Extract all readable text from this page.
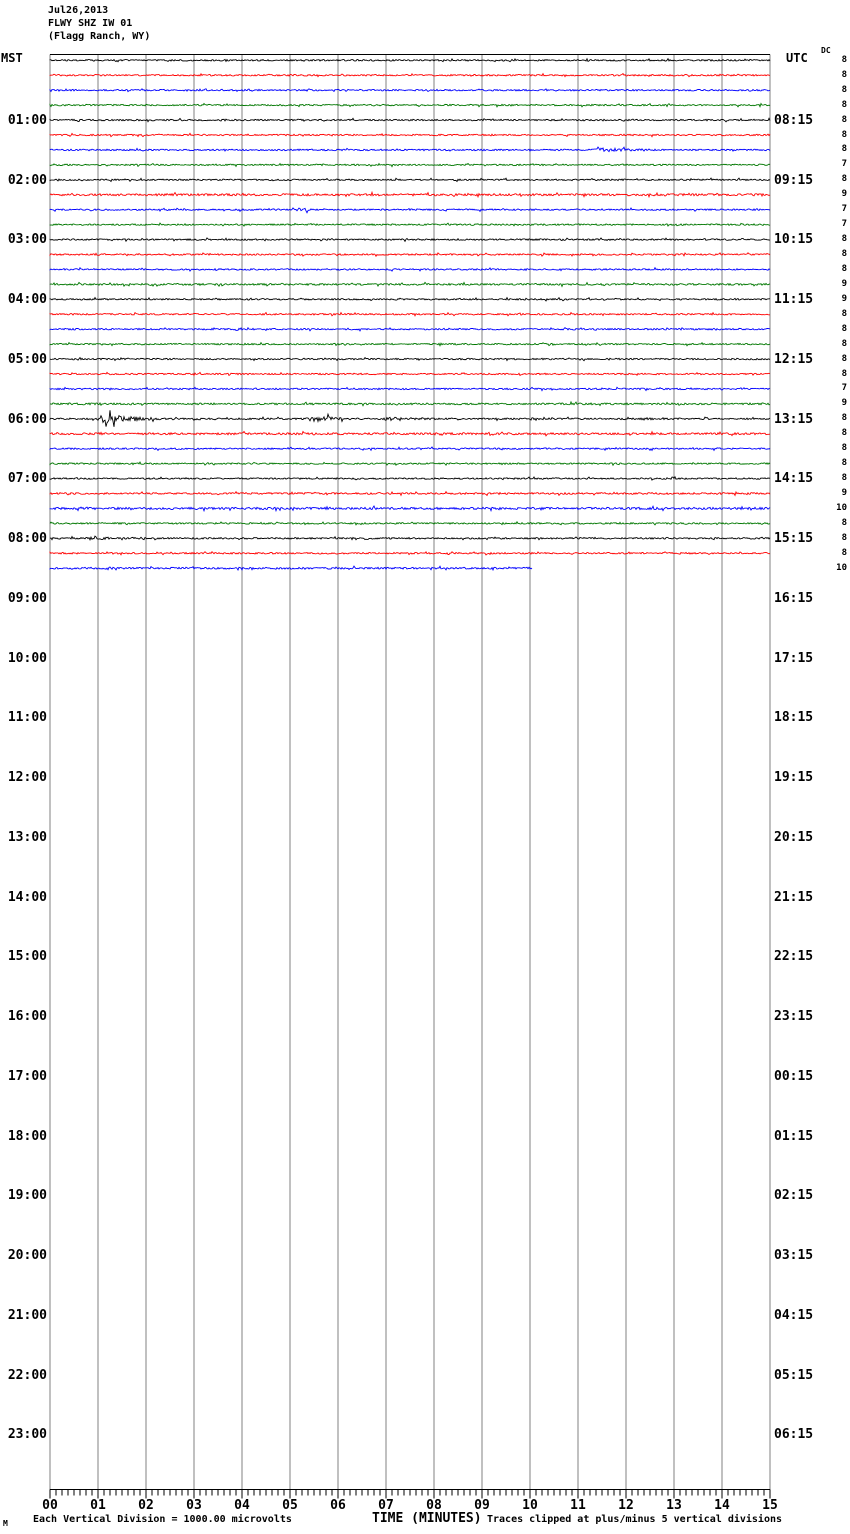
Jul26,2013
FLWY SHZ IW 01
(Flagg Ranch, WY)
MST	UTC
DC
01:00
02:00
03:00
04:00
05:00
06:00
07:00
08:00
09:00
10:00
11:00
12:00
13:00
14:00
15:00
16:00
17:00
18:00
19:00
20:00
21:00
22:00
23:00
08:15
09:15
10:15
11:15
12:15
13:15
14:15
15:15
16:15
17:15
18:15
19:15
20:15
21:15
22:15
23:15
00:15
01:15
02:15
03:15
04:15
05:15
06:15
8
8
8
8
8
8
8
7
8
9
7
7
8
8
8
9
9
8
8
8
8
8
7
9
8
8
8
8
8
9
10
8
8
8
10
00	01	02	03	04	05	06	07	08	09	10	11	12	13	14	15
M	Each Vertical Division = 1000.00 microvolts	TIME (MINUTES) Traces clipped at plus/minus 5 vertical divisions
